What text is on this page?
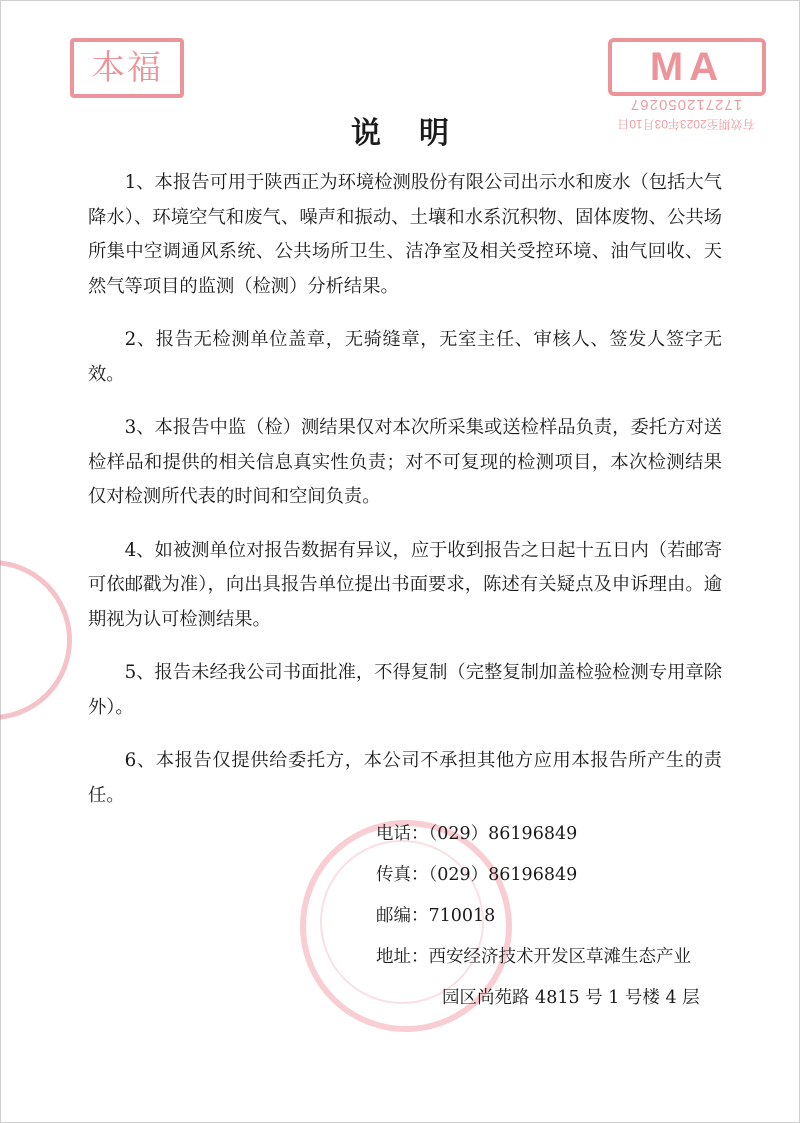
本福	MA
172712050267
有效期至2023年03月10日
说明

1、本报告可用于陕西正为环境检测股份有限公司出示水和废水（包括大气降水）、环境空气和废气、噪声和振动、土壤和水系沉积物、固体废物、公共场所集中空调通风系统、公共场所卫生、洁净室及相关受控环境、油气回收、天然气等项目的监测（检测）分析结果。

2、报告无检测单位盖章，无骑缝章，无室主任、审核人、签发人签字无效。

3、本报告中监（检）测结果仅对本次所采集或送检样品负责，委托方对送检样品和提供的相关信息真实性负责；对不可复现的检测项目，本次检测结果仅对检测所代表的时间和空间负责。

4、如被测单位对报告数据有异议，应于收到报告之日起十五日内（若邮寄可依邮戳为准），向出具报告单位提出书面要求，陈述有关疑点及申诉理由。逾期视为认可检测结果。

5、报告未经我公司书面批准，不得复制（完整复制加盖检验检测专用章除外）。

6、本报告仅提供给委托方，本公司不承担其他方应用本报告所产生的责任。

电话：（029）86196849
传真：（029）86196849
邮编：710018
地址：西安经济技术开发区草滩生态产业
园区尚苑路 4815 号 1 号楼 4 层
